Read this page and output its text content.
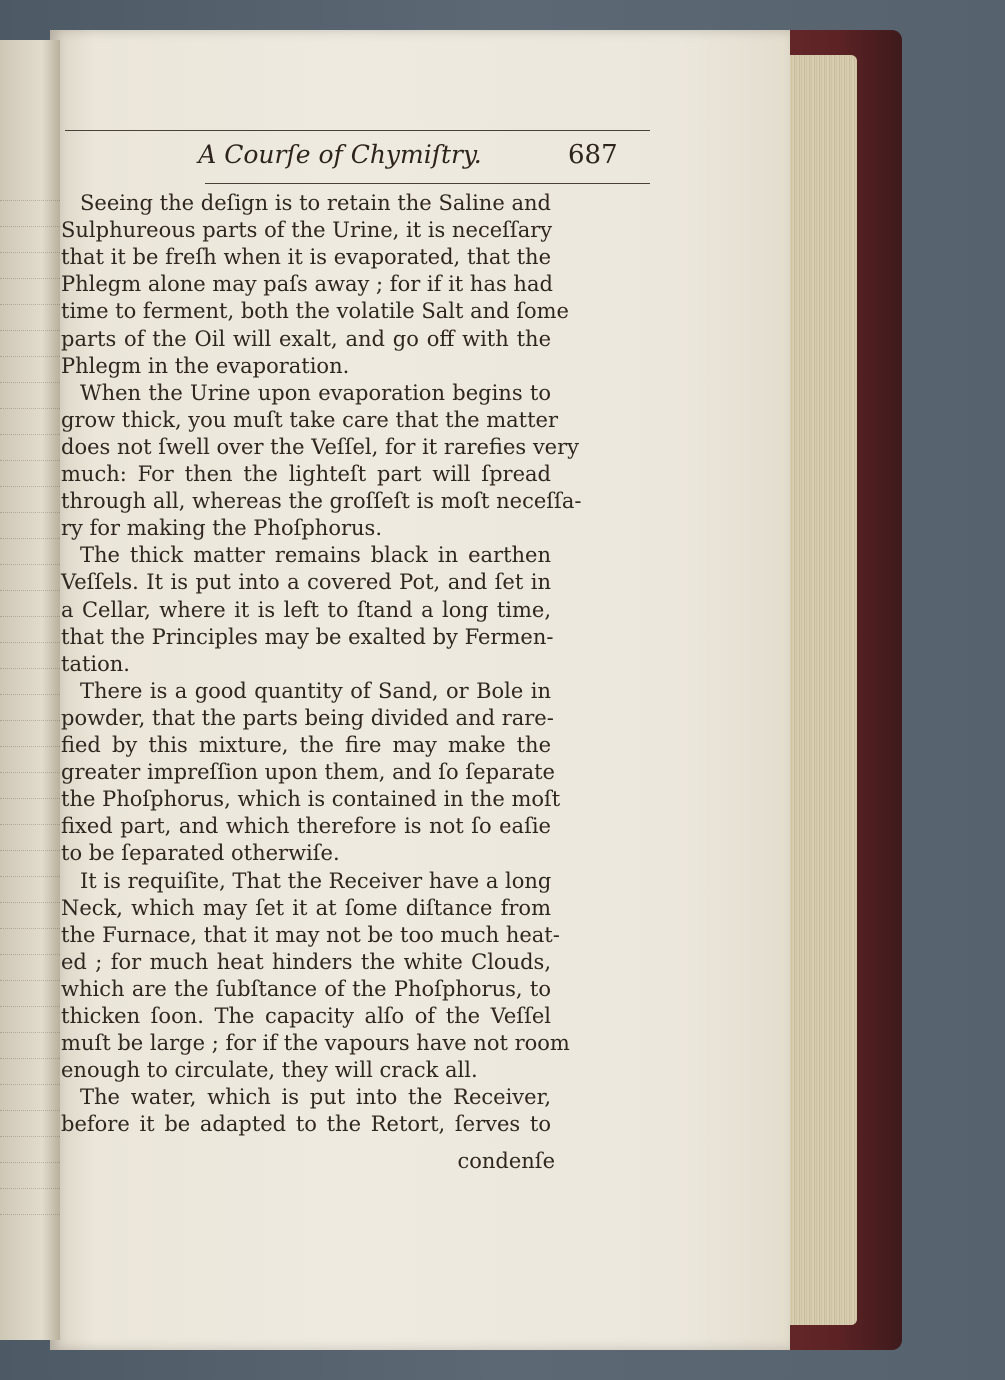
A Courſe of Chymiſtry.	687
Seeing the deſign is to retain the Saline and
Sulphureous parts of the Urine, it is neceſſary
that it be freſh when it is evaporated, that the
Phlegm alone may paſs away ; for if it has had
time to ferment, both the volatile Salt and ſome
parts of the Oil will exalt, and go off with the
Phlegm in the evaporation.
When the Urine upon evaporation begins to
grow thick, you muſt take care that the matter
does not ſwell over the Veſſel, for it rarefies very
much: For then the lighteſt part will ſpread
through all, whereas the groſſeſt is moſt neceſſa-
ry for making the Phoſphorus.
The thick matter remains black in earthen
Veſſels. It is put into a covered Pot, and ſet in
a Cellar, where it is left to ſtand a long time,
that the Principles may be exalted by Fermen-
tation.
There is a good quantity of Sand, or Bole in
powder, that the parts being divided and rare-
fied by this mixture, the fire may make the
greater impreſſion upon them, and ſo ſeparate
the Phoſphorus, which is contained in the moſt
fixed part, and which therefore is not ſo eaſie
to be ſeparated otherwiſe.
It is requiſite, That the Receiver have a long
Neck, which may ſet it at ſome diſtance from
the Furnace, that it may not be too much heat-
ed ; for much heat hinders the white Clouds,
which are the ſubſtance of the Phoſphorus, to
thicken ſoon. The capacity alſo of the Veſſel
muſt be large ; for if the vapours have not room
enough to circulate, they will crack all.
The water, which is put into the Receiver,
before it be adapted to the Retort, ſerves to
condenſe
